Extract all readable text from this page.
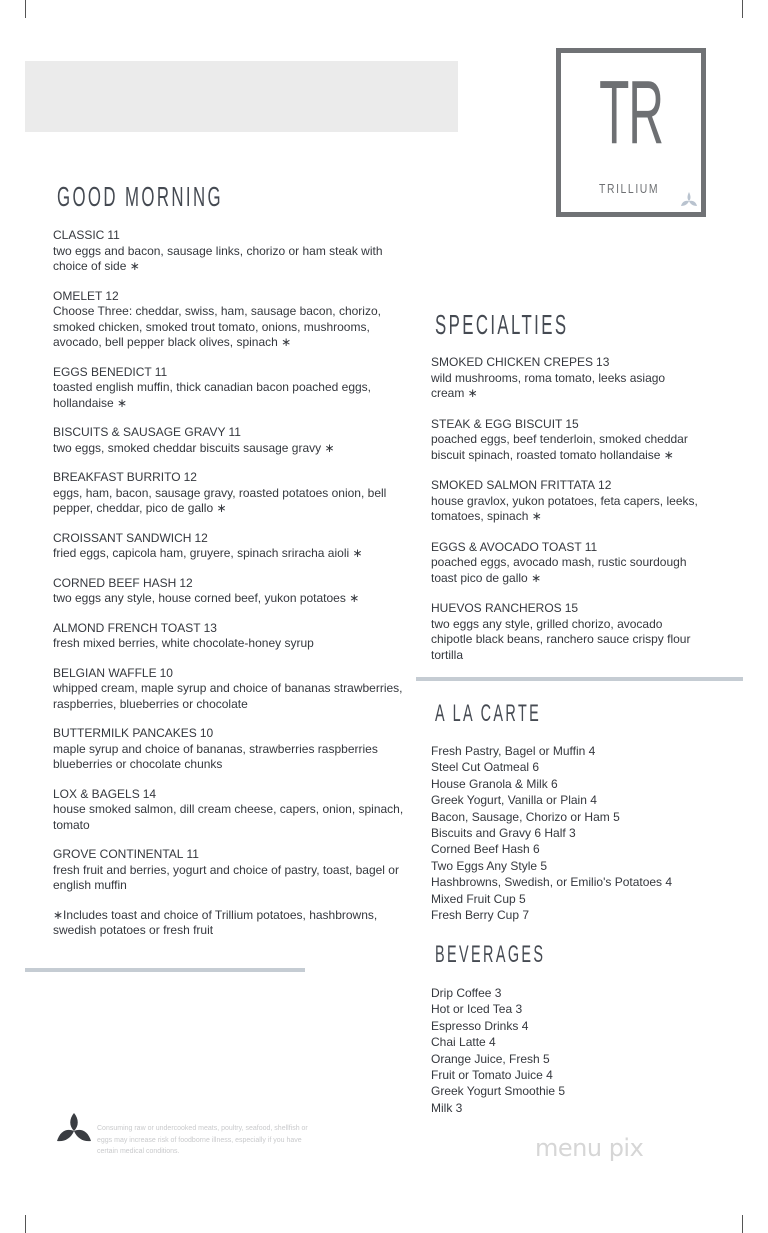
TR
TRILLIUM
GOOD MORNING
CLASSIC 11
two eggs and bacon, sausage links, chorizo or ham steak with choice of side ∗
OMELET 12
Choose Three: cheddar, swiss, ham, sausage bacon, chorizo, smoked chicken, smoked trout tomato, onions, mushrooms, avocado, bell pepper black olives, spinach ∗
EGGS BENEDICT 11
toasted english muffin, thick canadian bacon poached eggs, hollandaise ∗
BISCUITS & SAUSAGE GRAVY 11
two eggs, smoked cheddar biscuits sausage gravy ∗
BREAKFAST BURRITO 12
eggs, ham, bacon, sausage gravy, roasted potatoes onion, bell pepper, cheddar, pico de gallo ∗
CROISSANT SANDWICH 12
fried eggs, capicola ham, gruyere, spinach sriracha aioli ∗
CORNED BEEF HASH 12
two eggs any style, house corned beef, yukon potatoes ∗
ALMOND FRENCH TOAST 13
fresh mixed berries, white chocolate-honey syrup
BELGIAN WAFFLE 10
whipped cream, maple syrup and choice of bananas strawberries, raspberries, blueberries or chocolate
BUTTERMILK PANCAKES 10
maple syrup and choice of bananas, strawberries raspberries blueberries or chocolate chunks
LOX & BAGELS 14
house smoked salmon, dill cream cheese, capers, onion, spinach, tomato
GROVE CONTINENTAL 11
fresh fruit and berries, yogurt and choice of pastry, toast, bagel or english muffin
∗Includes toast and choice of Trillium potatoes, hashbrowns, swedish potatoes or fresh fruit
SPECIALTIES
SMOKED CHICKEN CREPES 13
wild mushrooms, roma tomato, leeks asiago cream ∗
STEAK & EGG BISCUIT 15
poached eggs, beef tenderloin, smoked cheddar biscuit spinach, roasted tomato hollandaise ∗
SMOKED SALMON FRITTATA 12
house gravlox, yukon potatoes, feta capers, leeks, tomatoes, spinach ∗
EGGS & AVOCADO TOAST 11
poached eggs, avocado mash, rustic sourdough toast pico de gallo ∗
HUEVOS RANCHEROS 15
two eggs any style, grilled chorizo, avocado chipotle black beans, ranchero sauce crispy flour tortilla
A LA CARTE
Fresh Pastry, Bagel or Muffin 4
Steel Cut Oatmeal 6
House Granola & Milk 6
Greek Yogurt, Vanilla or Plain 4
Bacon, Sausage, Chorizo or Ham 5
Biscuits and Gravy 6 Half 3
Corned Beef Hash 6
Two Eggs Any Style 5
Hashbrowns, Swedish, or Emilio's Potatoes 4
Mixed Fruit Cup 5
Fresh Berry Cup 7
BEVERAGES
Drip Coffee 3
Hot or Iced Tea 3
Espresso Drinks 4
Chai Latte 4
Orange Juice, Fresh 5
Fruit or Tomato Juice 4
Greek Yogurt Smoothie 5
Milk 3
Consuming raw or undercooked meats, poultry, seafood, shellfish or eggs may increase risk of foodborne illness, especially if you have certain medical conditions.	menu pix
